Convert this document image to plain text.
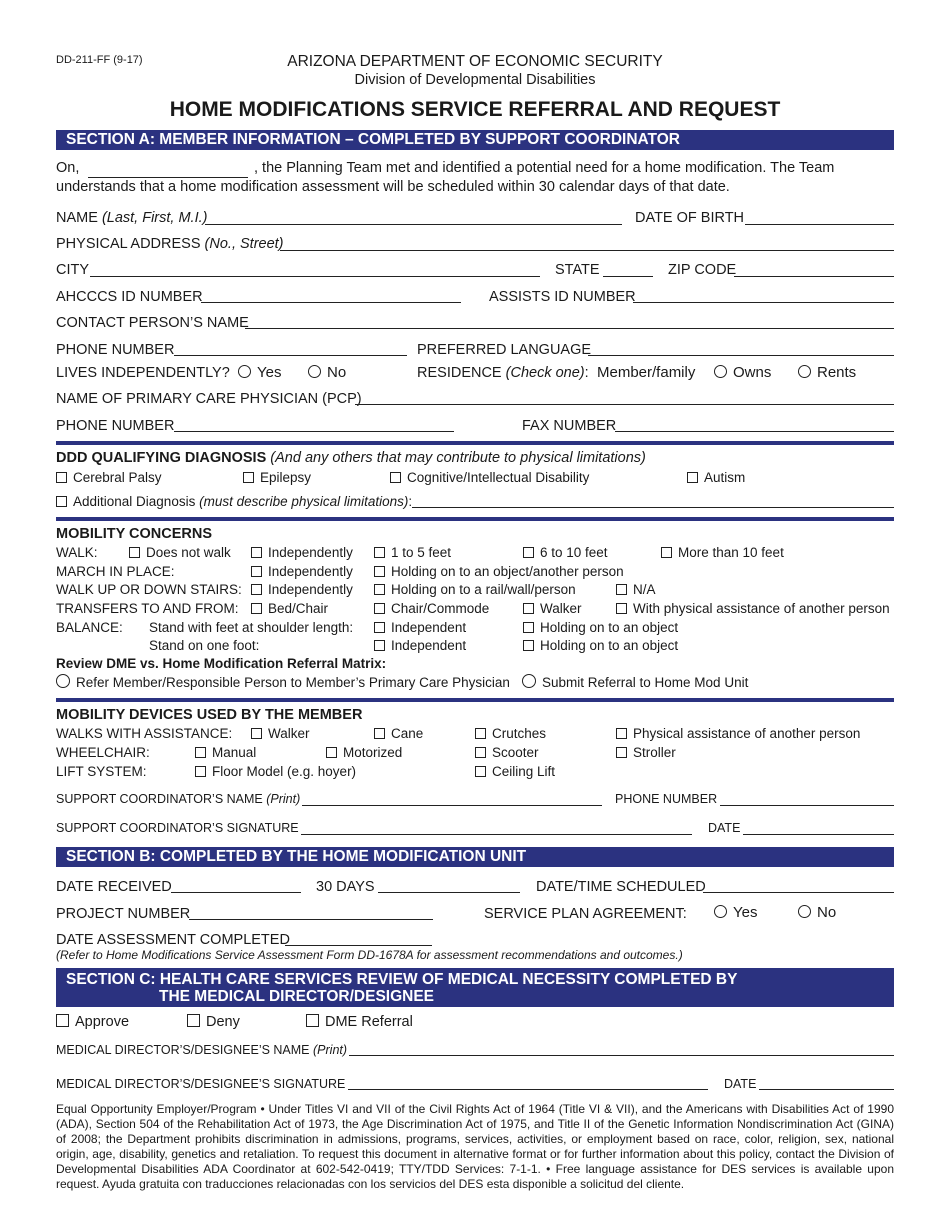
DD-211-FF (9-17)	ARIZONA DEPARTMENT OF ECONOMIC SECURITY
Division of Developmental Disabilities
HOME MODIFICATIONS SERVICE REFERRAL AND REQUEST
SECTION A: MEMBER INFORMATION – COMPLETED BY SUPPORT COORDINATOR
On,	, the Planning Team met and identified a potential need for a home modification. The Team
understands that a home modification assessment will be scheduled within 30 calendar days of that date.
NAME (Last, First, M.I.)	DATE OF BIRTH
PHYSICAL ADDRESS (No., Street)
CITY	STATE	ZIP CODE
AHCCCS ID NUMBER	ASSISTS ID NUMBER
CONTACT PERSON’S NAME
PHONE NUMBER	PREFERRED LANGUAGE
LIVES INDEPENDENTLY?	Yes	No	RESIDENCE (Check one): Member/family	Owns	Rents
NAME OF PRIMARY CARE PHYSICIAN (PCP)
PHONE NUMBER	FAX NUMBER
DDD QUALIFYING DIAGNOSIS (And any others that may contribute to physical limitations)
Cerebral Palsy	Epilepsy	Cognitive/Intellectual Disability	Autism
Additional Diagnosis (must describe physical limitations):
MOBILITY CONCERNS
WALK:	Does not walk	Independently	1 to 5 feet	6 to 10 feet	More than 10 feet
MARCH IN PLACE:	Independently	Holding on to an object/another person
WALK UP OR DOWN STAIRS:	Independently	Holding on to a rail/wall/person	N/A
TRANSFERS TO AND FROM:	Bed/Chair	Chair/Commode	Walker	With physical assistance of another person
BALANCE: Stand with feet at shoulder length:	Independent	Holding on to an object
Stand on one foot:	Independent	Holding on to an object
Review DME vs. Home Modification Referral Matrix:
Refer Member/Responsible Person to Member’s Primary Care Physician	Submit Referral to Home Mod Unit
MOBILITY DEVICES USED BY THE MEMBER
WALKS WITH ASSISTANCE:	Walker	Cane	Crutches	Physical assistance of another person
WHEELCHAIR:	Manual	Motorized	Scooter	Stroller
LIFT SYSTEM:	Floor Model (e.g. hoyer)	Ceiling Lift
SUPPORT COORDINATOR’S NAME (Print)	PHONE NUMBER
SUPPORT COORDINATOR’S SIGNATURE	DATE
SECTION B: COMPLETED BY THE HOME MODIFICATION UNIT
DATE RECEIVED	30 DAYS	DATE/TIME SCHEDULED
PROJECT NUMBER	SERVICE PLAN AGREEMENT:	Yes	No
DATE ASSESSMENT COMPLETED
(Refer to Home Modifications Service Assessment Form DD-1678A for assessment recommendations and outcomes.)
SECTION C: HEALTH CARE SERVICES REVIEW OF MEDICAL NECESSITY COMPLETED BY
THE MEDICAL DIRECTOR/DESIGNEE
Approve	Deny	DME Referral
MEDICAL DIRECTOR’S/DESIGNEE’S NAME (Print)
MEDICAL DIRECTOR’S/DESIGNEE’S SIGNATURE	DATE
Equal Opportunity Employer/Program • Under Titles VI and VII of the Civil Rights Act of 1964 (Title VI & VII), and the Americans with Disabilities Act of 1990 (ADA), Section 504 of the Rehabilitation Act of 1973, the Age Discrimination Act of 1975, and Title II of the Genetic Information Nondiscrimination Act (GINA) of 2008; the Department prohibits discrimination in admissions, programs, services, activities, or employment based on race, color, religion, sex, national origin, age, disability, genetics and retaliation. To request this document in alternative format or for further information about this policy, contact the Division of Developmental Disabilities ADA Coordinator at 602-542-0419; TTY/TDD Services: 7-1-1. • Free language assistance for DES services is available upon request. Ayuda gratuita con traducciones relacionadas con los servicios del DES esta disponible a solicitud del cliente.
